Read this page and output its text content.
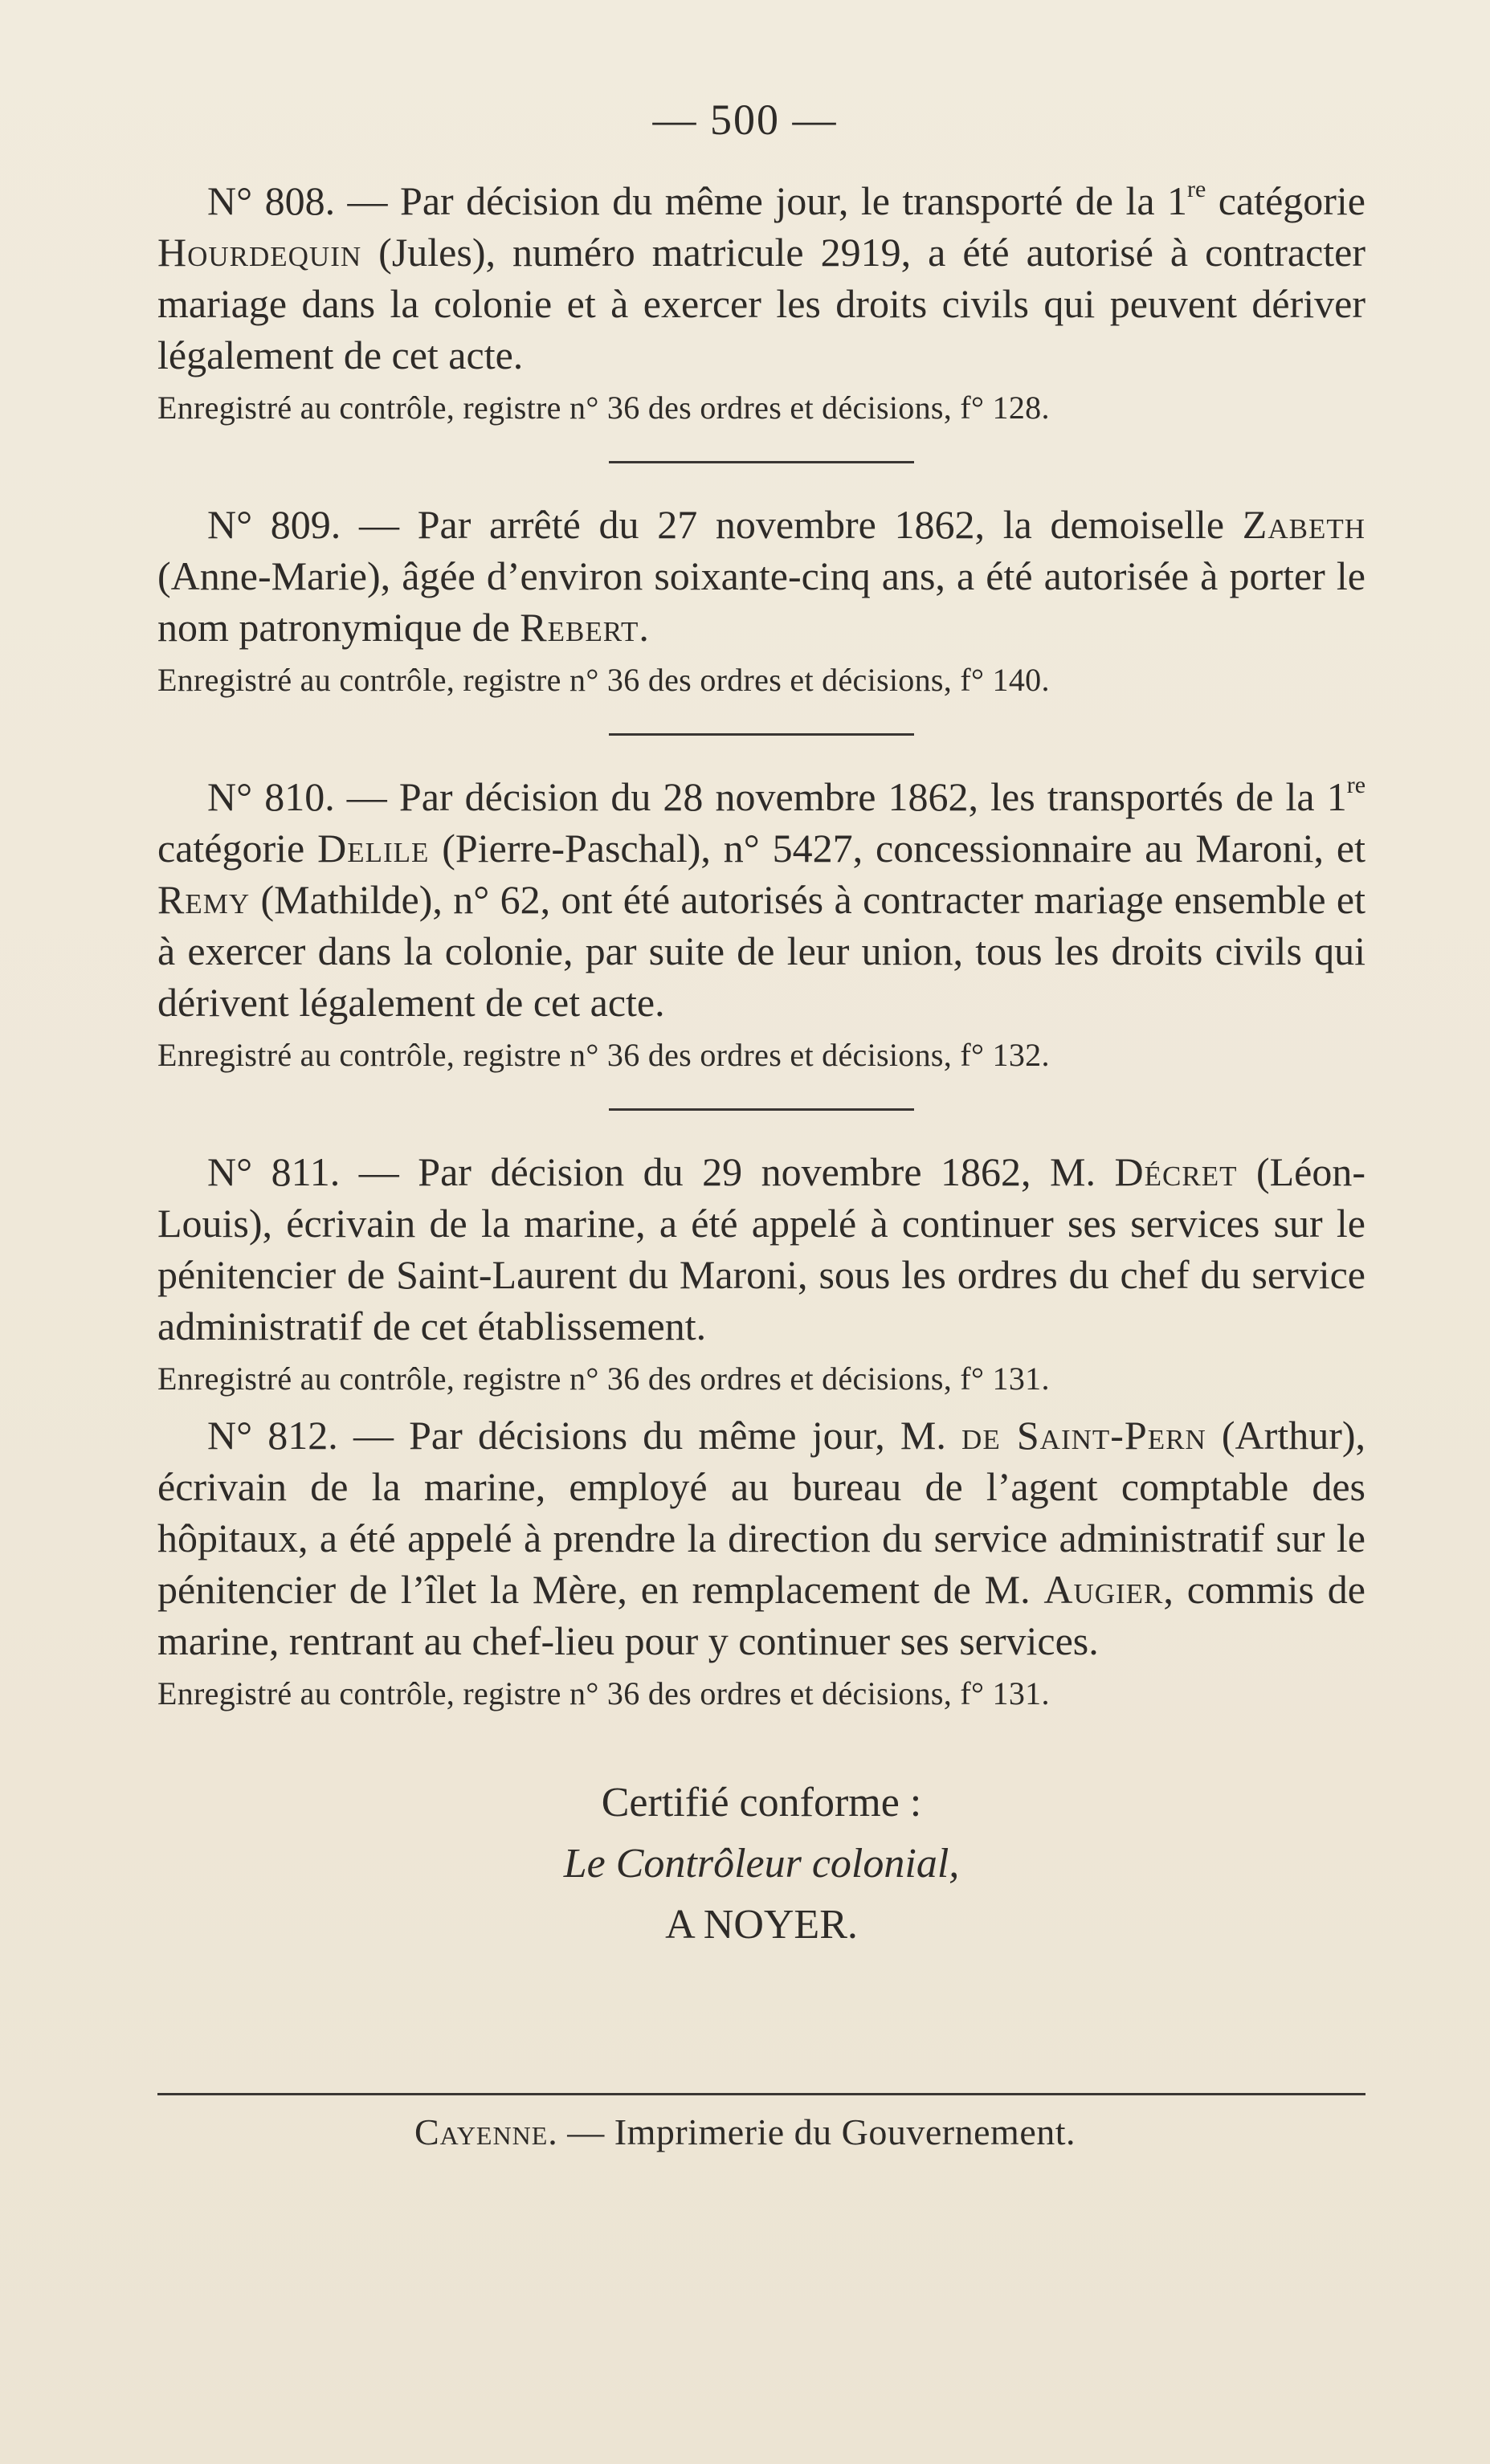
— 500 —

N° 808. — Par décision du même jour, le transporté de la 1re catégorie Hourdequin (Jules), numéro matricule 2919, a été autorisé à contracter mariage dans la colonie et à exercer les droits civils qui peuvent dériver légalement de cet acte.

Enregistré au contrôle, registre n° 36 des ordres et décisions, f° 128.

N° 809. — Par arrêté du 27 novembre 1862, la demoiselle Zabeth (Anne-Marie), âgée d’environ soixante-cinq ans, a été autorisée à porter le nom patronymique de Rebert.

Enregistré au contrôle, registre n° 36 des ordres et décisions, f° 140.

N° 810. — Par décision du 28 novembre 1862, les transportés de la 1re catégorie Delile (Pierre-Paschal), n° 5427, concessionnaire au Maroni, et Remy (Mathilde), n° 62, ont été autorisés à contracter mariage ensemble et à exercer dans la colonie, par suite de leur union, tous les droits civils qui dérivent légalement de cet acte.

Enregistré au contrôle, registre n° 36 des ordres et décisions, f° 132.

N° 811. — Par décision du 29 novembre 1862, M. Décret (Léon-Louis), écrivain de la marine, a été appelé à continuer ses services sur le pénitencier de Saint-Laurent du Maroni, sous les ordres du chef du service administratif de cet établissement.

Enregistré au contrôle, registre n° 36 des ordres et décisions, f° 131.

N° 812. — Par décisions du même jour, M. de Saint-Pern (Arthur), écrivain de la marine, employé au bureau de l’agent comptable des hôpitaux, a été appelé à prendre la direction du service administratif sur le pénitencier de l’îlet la Mère, en remplacement de M. Augier, commis de marine, rentrant au chef-lieu pour y continuer ses services.

Enregistré au contrôle, registre n° 36 des ordres et décisions, f° 131.
Certifié conforme :
Le Contrôleur colonial,
A NOYER.
Cayenne. — Imprimerie du Gouvernement.
